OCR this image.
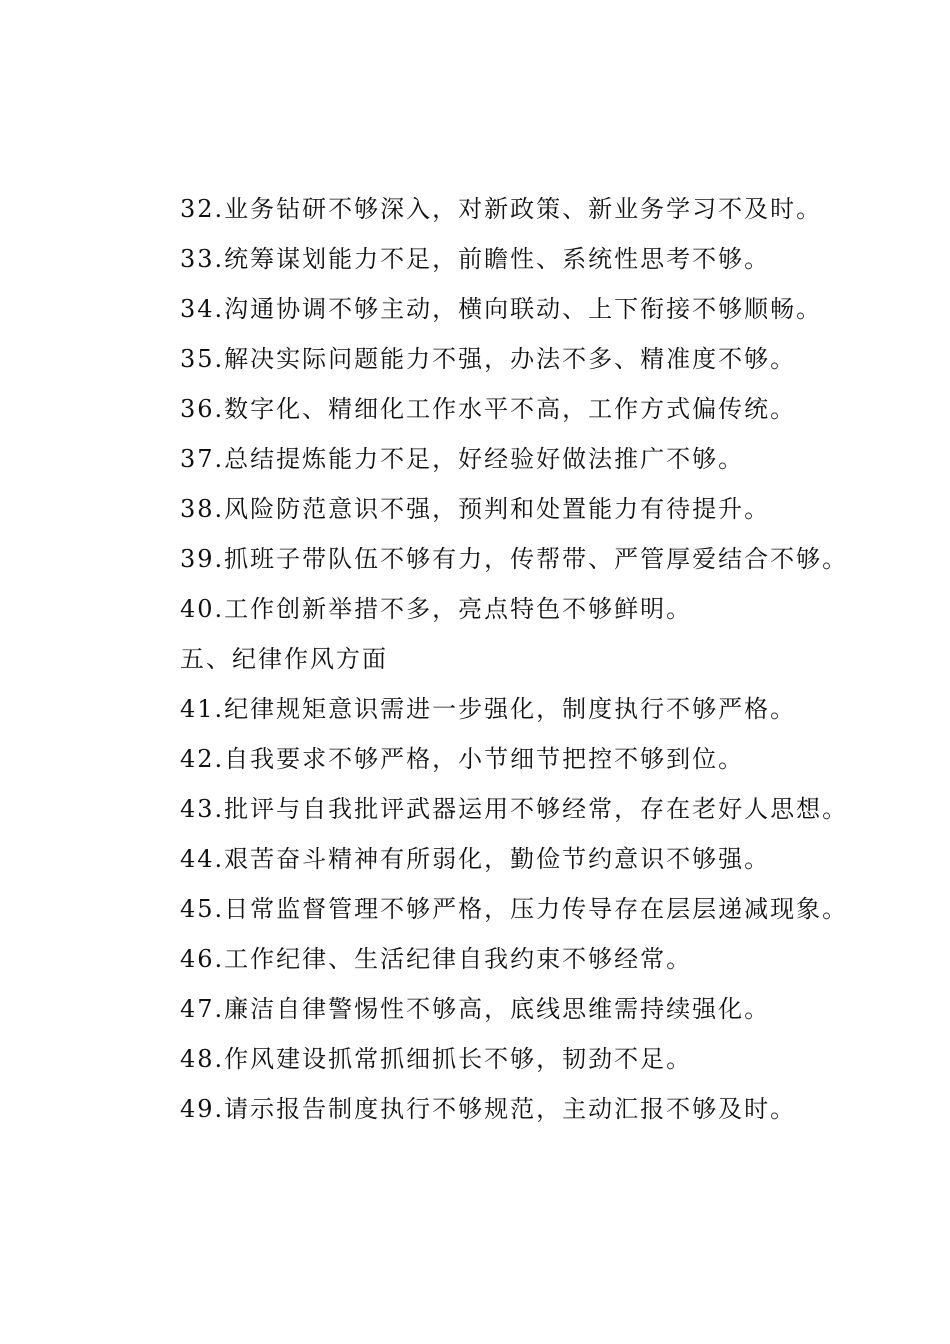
32.业务钻研不够深入，对新政策、新业务学习不及时。
33.统筹谋划能力不足，前瞻性、系统性思考不够。
34.沟通协调不够主动，横向联动、上下衔接不够顺畅。
35.解决实际问题能力不强，办法不多、精准度不够。
36.数字化、精细化工作水平不高，工作方式偏传统。
37.总结提炼能力不足，好经验好做法推广不够。
38.风险防范意识不强，预判和处置能力有待提升。
39.抓班子带队伍不够有力，传帮带、严管厚爱结合不够。
40.工作创新举措不多，亮点特色不够鲜明。
五、纪律作风方面
41.纪律规矩意识需进一步强化，制度执行不够严格。
42.自我要求不够严格，小节细节把控不够到位。
43.批评与自我批评武器运用不够经常，存在老好人思想。
44.艰苦奋斗精神有所弱化，勤俭节约意识不够强。
45.日常监督管理不够严格，压力传导存在层层递减现象。
46.工作纪律、生活纪律自我约束不够经常。
47.廉洁自律警惕性不够高，底线思维需持续强化。
48.作风建设抓常抓细抓长不够，韧劲不足。
49.请示报告制度执行不够规范，主动汇报不够及时。
